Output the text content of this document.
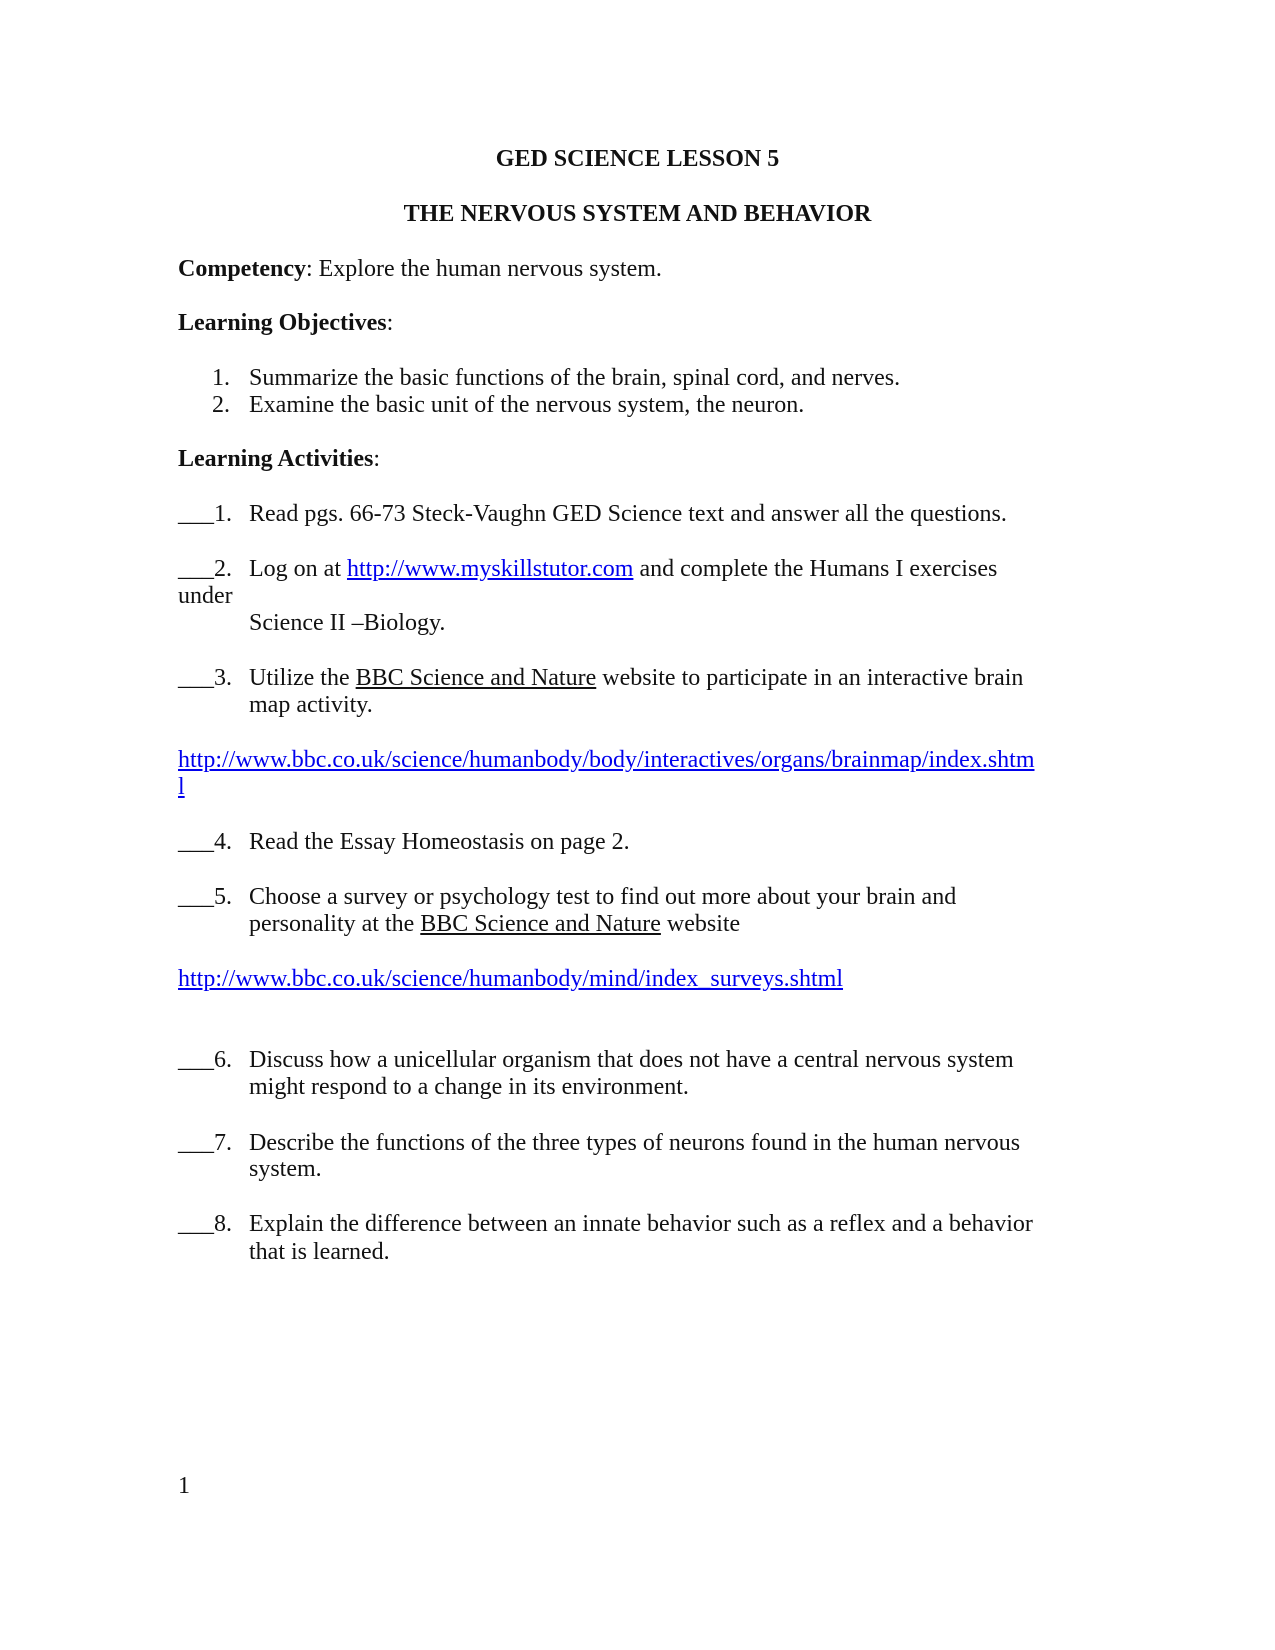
GED SCIENCE LESSON 5
THE NERVOUS SYSTEM AND BEHAVIOR
Competency: Explore the human nervous system.
Learning Objectives:
1. Summarize the basic functions of the brain, spinal cord, and nerves.
2. Examine the basic unit of the nervous system, the neuron.
Learning Activities:
___1. Read pgs. 66-73 Steck-Vaughn GED Science text and answer all the questions.
___2. Log on at http://www.myskillstutor.com and complete the Humans I exercises
under
Science II –Biology.
___3. Utilize the BBC Science and Nature website to participate in an interactive brain
map activity.
http://www.bbc.co.uk/science/humanbody/body/interactives/organs/brainmap/index.shtm
l
___4. Read the Essay Homeostasis on page 2.
___5. Choose a survey or psychology test to find out more about your brain and
personality at the BBC Science and Nature website
http://www.bbc.co.uk/science/humanbody/mind/index_surveys.shtml
___6. Discuss how a unicellular organism that does not have a central nervous system
might respond to a change in its environment.
___7. Describe the functions of the three types of neurons found in the human nervous
system.
___8. Explain the difference between an innate behavior such as a reflex and a behavior
that is learned.
1
